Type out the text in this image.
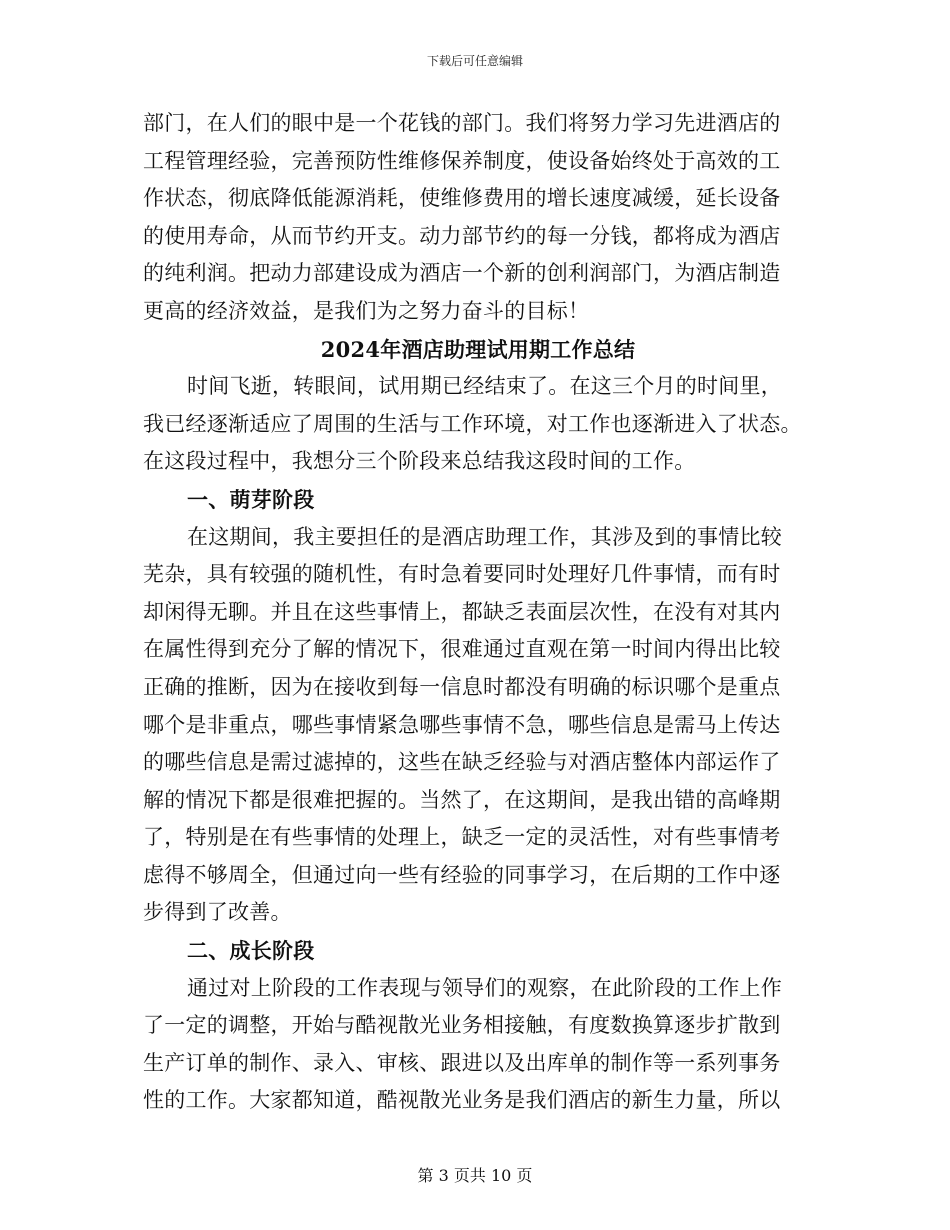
下载后可任意编辑
部门，在人们的眼中是一个花钱的部门。我们将努力学习先进酒店的
工程管理经验，完善预防性维修保养制度，使设备始终处于高效的工
作状态，彻底降低能源消耗，使维修费用的增长速度减缓，延长设备
的使用寿命，从而节约开支。动力部节约的每一分钱，都将成为酒店
的纯利润。把动力部建设成为酒店一个新的创利润部门，为酒店制造
更高的经济效益，是我们为之努力奋斗的目标！
2024年酒店助理试用期工作总结
时间飞逝，转眼间，试用期已经结束了。在这三个月的时间里，
我已经逐渐适应了周围的生活与工作环境，对工作也逐渐进入了状态。
在这段过程中，我想分三个阶段来总结我这段时间的工作。
一、萌芽阶段
在这期间，我主要担任的是酒店助理工作，其涉及到的事情比较
芜杂，具有较强的随机性，有时急着要同时处理好几件事情，而有时
却闲得无聊。并且在这些事情上，都缺乏表面层次性，在没有对其内
在属性得到充分了解的情况下，很难通过直观在第一时间内得出比较
正确的推断，因为在接收到每一信息时都没有明确的标识哪个是重点
哪个是非重点，哪些事情紧急哪些事情不急，哪些信息是需马上传达
的哪些信息是需过滤掉的，这些在缺乏经验与对酒店整体内部运作了
解的情况下都是很难把握的。当然了，在这期间，是我出错的高峰期
了，特别是在有些事情的处理上，缺乏一定的灵活性，对有些事情考
虑得不够周全，但通过向一些有经验的同事学习，在后期的工作中逐
步得到了改善。
二、成长阶段
通过对上阶段的工作表现与领导们的观察，在此阶段的工作上作
了一定的调整，开始与酷视散光业务相接触，有度数换算逐步扩散到
生产订单的制作、录入、审核、跟进以及出库单的制作等一系列事务
性的工作。大家都知道，酷视散光业务是我们酒店的新生力量，所以
第 3 页共 10 页
